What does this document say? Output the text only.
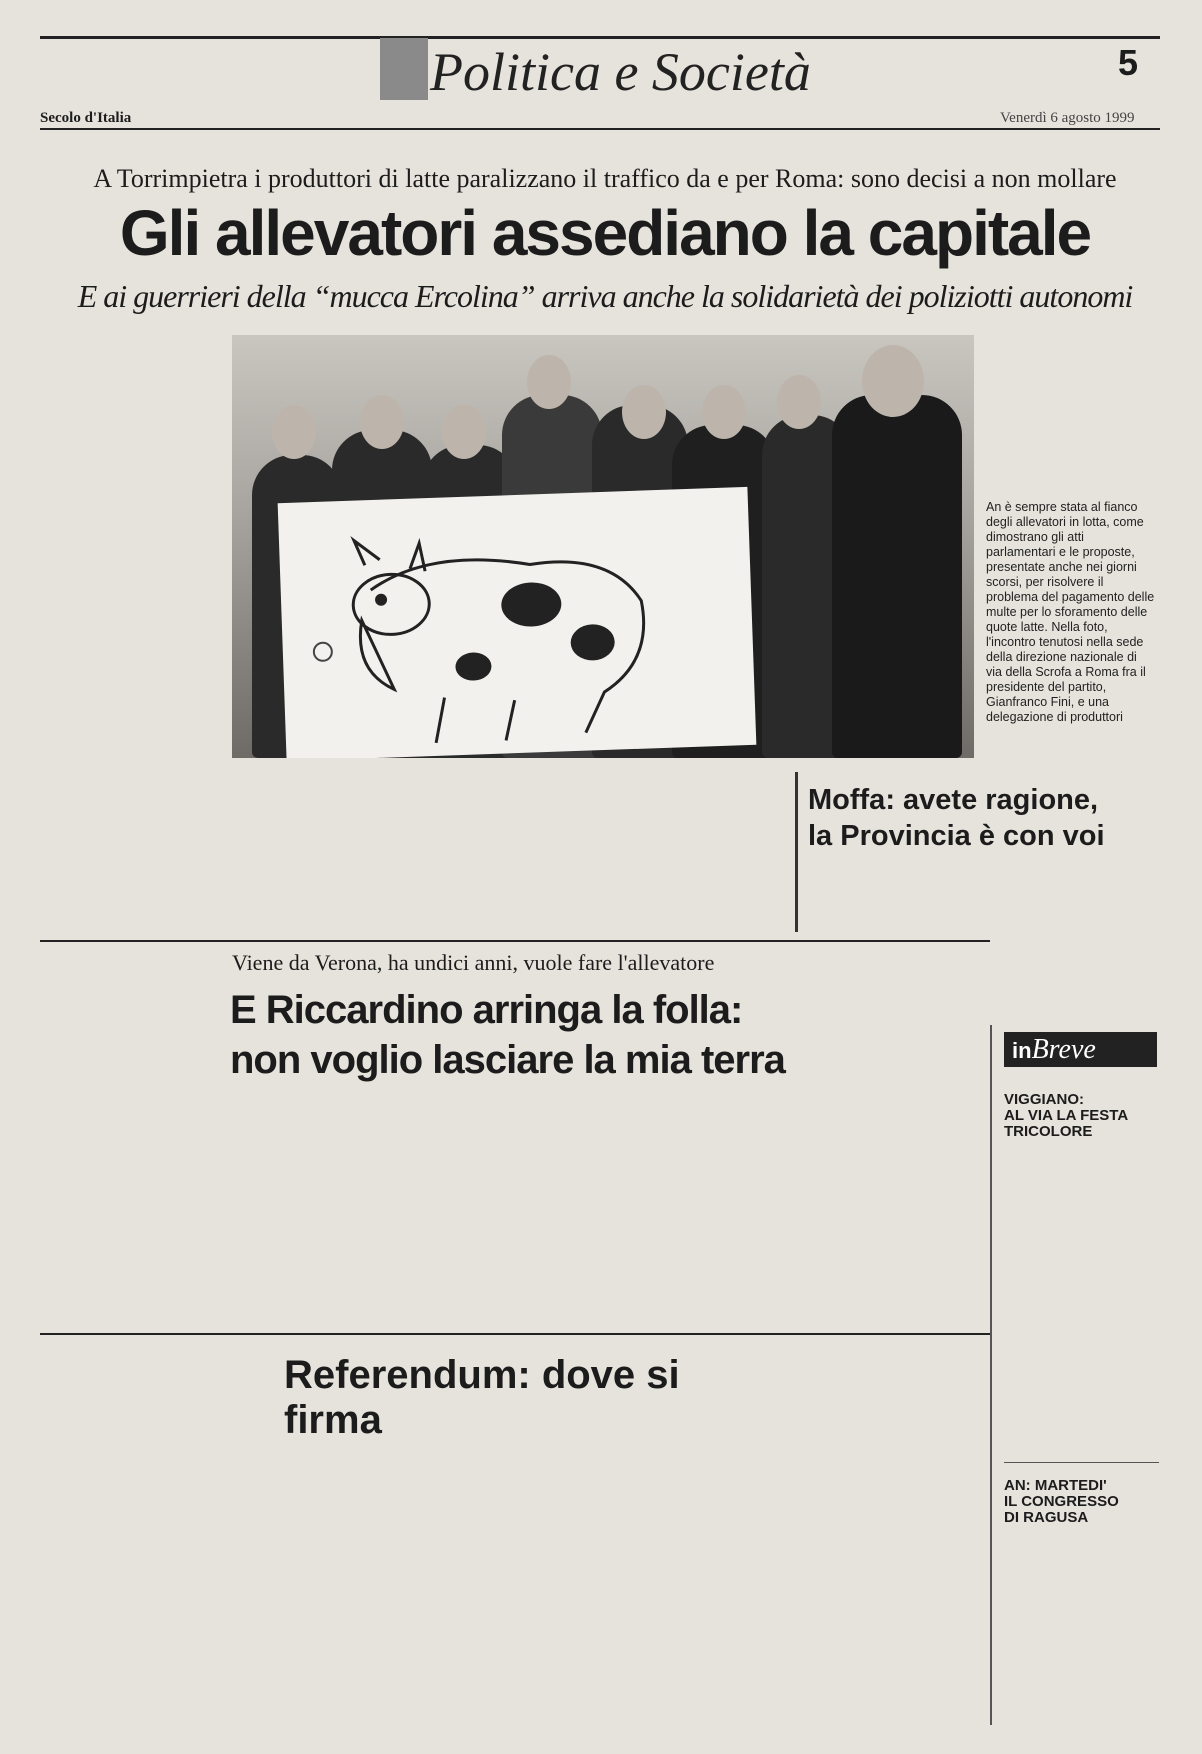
Politica e Società	5
Secolo d'Italia	Venerdì 6 agosto 1999
A Torrimpietra i produttori di latte paralizzano il traffico da e per Roma: sono decisi a non mollare
Gli allevatori assediano la capitale
E ai guerrieri della “mucca Ercolina” arriva anche la solidarietà dei poliziotti autonomi
An è sempre stata al fianco degli allevatori in lotta, come dimostrano gli atti parlamentari e le proposte, presentate anche nei giorni scorsi, per risolvere il problema del pagamento delle multe per lo sforamento delle quote latte. Nella foto, l'incontro tenutosi nella sede della direzione nazionale di via della Scrofa a Roma fra il presidente del partito, Gianfranco Fini, e una delegazione di produttori
Moffa: avete ragione,
la Provincia è con voi
Viene da Verona, ha undici anni, vuole fare l'allevatore
E Riccardino arringa la folla:
non voglio lasciare la mia terra
Referendum: dove si firma
inBreve
VIGGIANO:
AL VIA LA FESTA
TRICOLORE
AN: MARTEDI'
IL CONGRESSO
DI RAGUSA
